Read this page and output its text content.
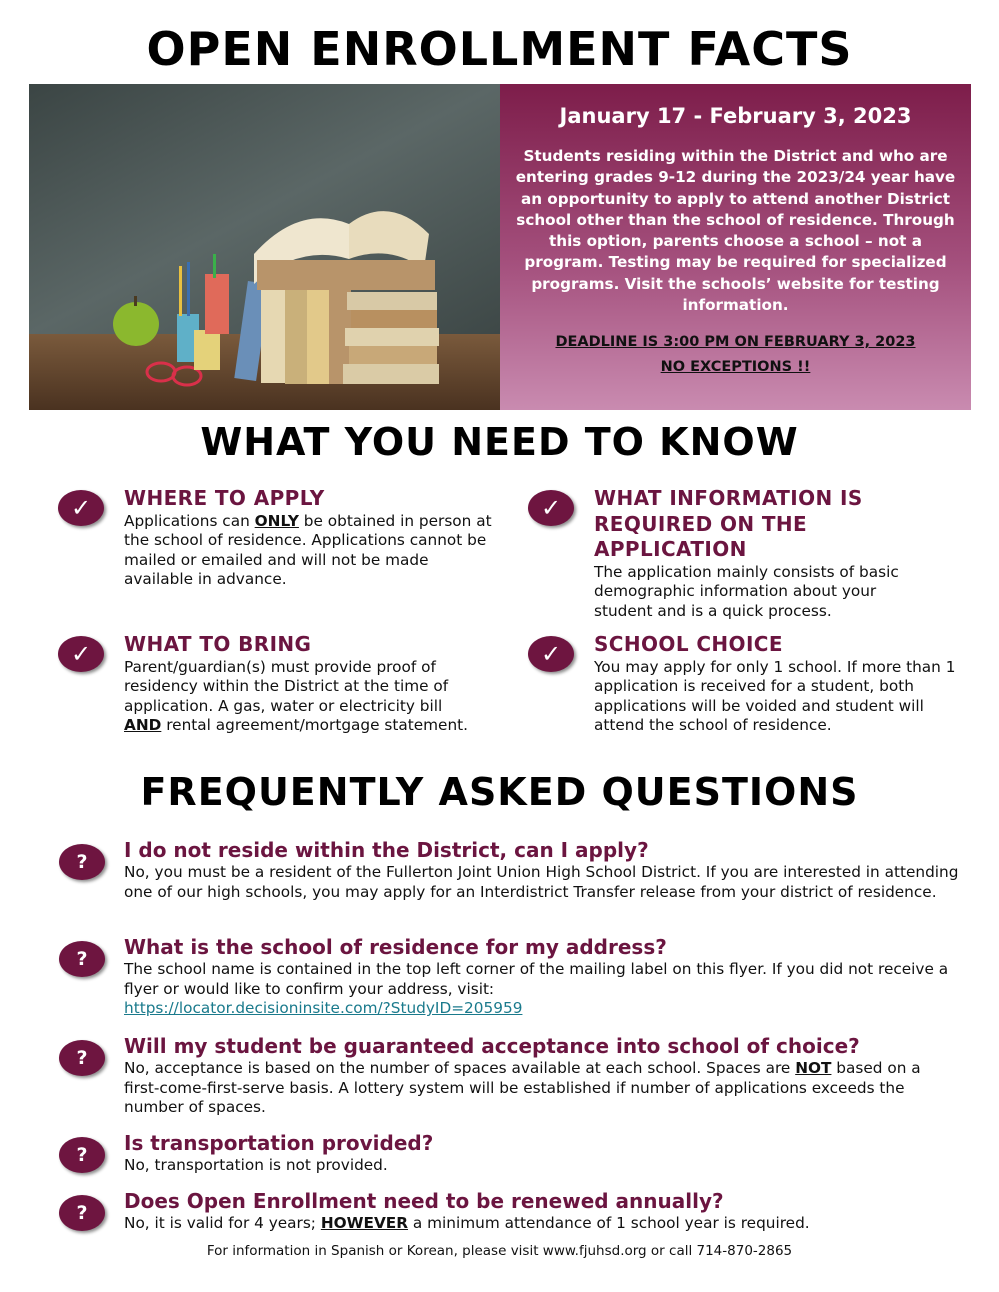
OPEN ENROLLMENT FACTS
January 17 - February 3, 2023
Students residing within the District and who are entering grades 9-12 during the 2023/24 year have an opportunity to apply to attend another District school other than the school of residence. Through this option, parents choose a school – not a program. Testing may be required for specialized programs. Visit the schools’ website for testing information.
DEADLINE IS 3:00 PM ON FEBRUARY 3, 2023
NO EXCEPTIONS !!
WHAT YOU NEED TO KNOW
✓	WHERE TO APPLY
Applications can ONLY be obtained in person at the school of residence. Applications cannot be mailed or emailed and will not be made available in advance.
✓	WHAT INFORMATION IS REQUIRED ON THE APPLICATION
The application mainly consists of basic demographic information about your student and is a quick process.
✓	WHAT TO BRING
Parent/guardian(s) must provide proof of residency within the District at the time of application. A gas, water or electricity bill AND rental agreement/mortgage statement.
✓	SCHOOL CHOICE
You may apply for only 1 school. If more than 1 application is received for a student, both applications will be voided and student will attend the school of residence.
FREQUENTLY ASKED QUESTIONS
?	I do not reside within the District, can I apply?
No, you must be a resident of the Fullerton Joint Union High School District. If you are interested in attending one of our high schools, you may apply for an Interdistrict Transfer release from your district of residence.
?	What is the school of residence for my address?
The school name is contained in the top left corner of the mailing label on this flyer. If you did not receive a flyer or would like to confirm your address, visit:
https://locator.decisioninsite.com/?StudyID=205959
?	Will my student be guaranteed acceptance into school of choice?
No, acceptance is based on the number of spaces available at each school. Spaces are NOT based on a first-come-first-serve basis. A lottery system will be established if number of applications exceeds the number of spaces.
?	Is transportation provided?
No, transportation is not provided.
?	Does Open Enrollment need to be renewed annually?
No, it is valid for 4 years; HOWEVER a minimum attendance of 1 school year is required.
For information in Spanish or Korean, please visit www.fjuhsd.org or call 714-870-2865
